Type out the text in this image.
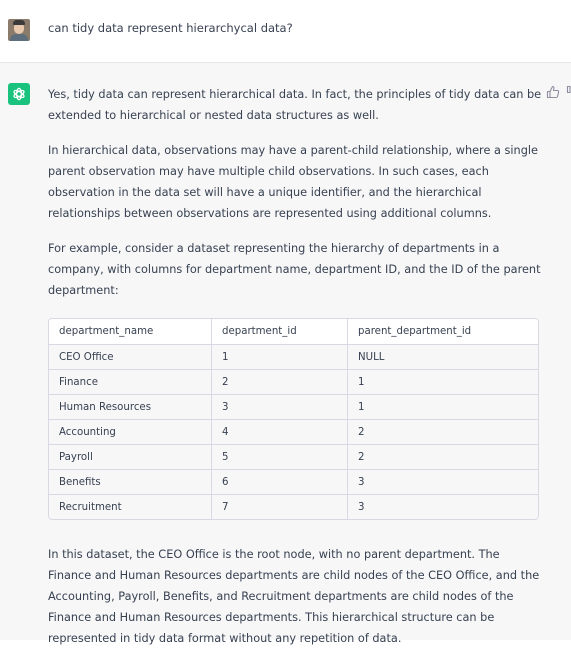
can tidy data represent hierarchycal data?

Yes, tidy data can represent hierarchical data. In fact, the principles of tidy data can be extended to hierarchical or nested data structures as well.

In hierarchical data, observations may have a parent-child relationship, where a single parent observation may have multiple child observations. In such cases, each observation in the data set will have a unique identifier, and the hierarchical relationships between observations are represented using additional columns.

For example, consider a dataset representing the hierarchy of departments in a company, with columns for department name, department ID, and the ID of the parent department:

department_name	department_id	parent_department_id
CEO Office	1	NULL
Finance	2	1
Human Resources	3	1
Accounting	4	2
Payroll	5	2
Benefits	6	3
Recruitment	7	3

In this dataset, the CEO Office is the root node, with no parent department. The Finance and Human Resources departments are child nodes of the CEO Office, and the Accounting, Payroll, Benefits, and Recruitment departments are child nodes of the Finance and Human Resources departments. This hierarchical structure can be represented in tidy data format without any repetition of data.
